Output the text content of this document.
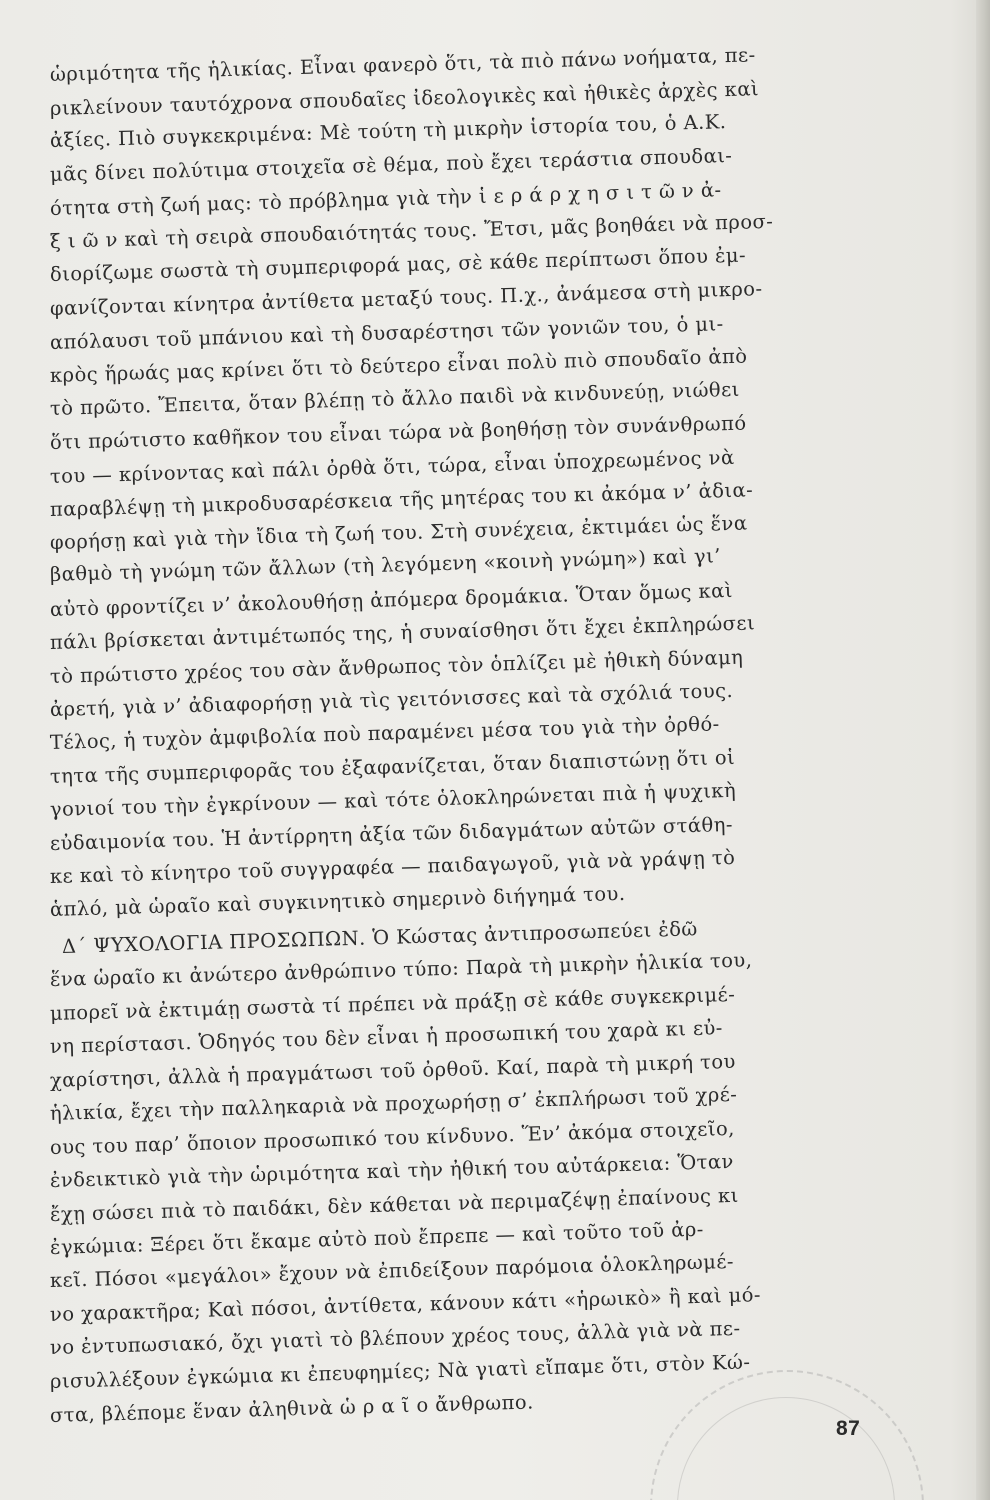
ὡριμότητα τῆς ἡλικίας. Εἶναι φανερὸ ὅτι, τὰ πιὸ πάνω νοήματα, πε-
ρικλείνουν ταυτόχρονα σπουδαῖες ἰδεολογικὲς καὶ ἠθικὲς ἀρχὲς καὶ
ἀξίες. Πιὸ συγκεκριμένα: Μὲ τούτη τὴ μικρὴν ἱστορία του, ὁ Α.Κ.
μᾶς δίνει πολύτιμα στοιχεῖα σὲ θέμα, ποὺ ἔχει τεράστια σπουδαι-
ότητα στὴ ζωή μας: τὸ πρόβλημα γιὰ τὴν ἱ ε ρ ά ρ χ η σ ι τ ῶ ν ἀ-
ξ ι ῶ ν καὶ τὴ σειρὰ σπουδαιότητάς τους. Ἔτσι, μᾶς βοηθάει νὰ προσ-
διορίζωμε σωστὰ τὴ συμπεριφορά μας, σὲ κάθε περίπτωσι ὅπου ἐμ-
φανίζονται κίνητρα ἀντίθετα μεταξύ τους. Π.χ., ἀνάμεσα στὴ μικρο-
απόλαυσι τοῦ μπάνιου καὶ τὴ δυσαρέστησι τῶν γονιῶν του, ὁ μι-
κρὸς ἥρωάς μας κρίνει ὅτι τὸ δεύτερο εἶναι πολὺ πιὸ σπουδαῖο ἀπὸ
τὸ πρῶτο. Ἔπειτα, ὅταν βλέπῃ τὸ ἄλλο παιδὶ νὰ κινδυνεύῃ, νιώθει
ὅτι πρώτιστο καθῆκον του εἶναι τώρα νὰ βοηθήσῃ τὸν συνάνθρωπό
του — κρίνοντας καὶ πάλι ὀρθὰ ὅτι, τώρα, εἶναι ὑποχρεωμένος νὰ
παραβλέψῃ τὴ μικροδυσαρέσκεια τῆς μητέρας του κι ἀκόμα ν’ ἀδια-
φορήσῃ καὶ γιὰ τὴν ἴδια τὴ ζωή του. Στὴ συνέχεια, ἐκτιμάει ὡς ἕνα
βαθμὸ τὴ γνώμη τῶν ἄλλων (τὴ λεγόμενη «κοινὴ γνώμη») καὶ γι’
αὐτὸ φροντίζει ν’ ἀκολουθήσῃ ἀπόμερα δρομάκια. Ὅταν ὅμως καὶ
πάλι βρίσκεται ἀντιμέτωπός της, ἡ συναίσθησι ὅτι ἔχει ἐκπληρώσει
τὸ πρώτιστο χρέος του σὰν ἄνθρωπος τὸν ὁπλίζει μὲ ἠθικὴ δύναμη
ἀρετή, γιὰ ν’ ἀδιαφορήσῃ γιὰ τὶς γειτόνισσες καὶ τὰ σχόλιά τους.
Τέλος, ἡ τυχὸν ἀμφιβολία ποὺ παραμένει μέσα του γιὰ τὴν ὀρθό-
τητα τῆς συμπεριφορᾶς του ἐξαφανίζεται, ὅταν διαπιστώνῃ ὅτι οἱ
γονιοί του τὴν ἐγκρίνουν — καὶ τότε ὁλοκληρώνεται πιὰ ἡ ψυχικὴ
εὐδαιμονία του. Ἡ ἀντίρρητη ἀξία τῶν διδαγμάτων αὐτῶν στάθη-
κε καὶ τὸ κίνητρο τοῦ συγγραφέα — παιδαγωγοῦ, γιὰ νὰ γράψῃ τὸ
ἁπλό, μὰ ὡραῖο καὶ συγκινητικὸ σημερινὸ διήγημά του.
Δ΄ ΨΥΧΟΛΟΓΙΑ ΠΡΟΣΩΠΩΝ. Ὁ Κώστας ἀντιπροσωπεύει ἐδῶ
ἕνα ὡραῖο κι ἀνώτερο ἀνθρώπινο τύπο: Παρὰ τὴ μικρὴν ἡλικία του,
μπορεῖ νὰ ἐκτιμάῃ σωστὰ τί πρέπει νὰ πράξῃ σὲ κάθε συγκεκριμέ-
νη περίστασι. Ὁδηγός του δὲν εἶναι ἡ προσωπική του χαρὰ κι εὐ-
χαρίστησι, ἀλλὰ ἡ πραγμάτωσι τοῦ ὀρθοῦ. Καί, παρὰ τὴ μικρή του
ἡλικία, ἔχει τὴν παλληκαριὰ νὰ προχωρήσῃ σ’ ἐκπλήρωσι τοῦ χρέ-
ους του παρ’ ὅποιον προσωπικό του κίνδυνο. Ἕν’ ἀκόμα στοιχεῖο,
ἐνδεικτικὸ γιὰ τὴν ὡριμότητα καὶ τὴν ἠθική του αὐτάρκεια: Ὅταν
ἔχῃ σώσει πιὰ τὸ παιδάκι, δὲν κάθεται νὰ περιμαζέψῃ ἐπαίνους κι
ἐγκώμια: Ξέρει ὅτι ἔκαμε αὐτὸ ποὺ ἔπρεπε — καὶ τοῦτο τοῦ ἀρ-
κεῖ. Πόσοι «μεγάλοι» ἔχουν νὰ ἐπιδείξουν παρόμοια ὁλοκληρωμέ-
νο χαρακτῆρα; Καὶ πόσοι, ἀντίθετα, κάνουν κάτι «ἡρωικὸ» ἢ καὶ μό-
νο ἐντυπωσιακό, ὄχι γιατὶ τὸ βλέπουν χρέος τους, ἀλλὰ γιὰ νὰ πε-
ρισυλλέξουν ἐγκώμια κι ἐπευφημίες; Νὰ γιατὶ εἴπαμε ὅτι, στὸν Κώ-
στα, βλέπομε ἕναν ἀληθινὰ ὡ ρ α ῖ ο ἄνθρωπο.
87
